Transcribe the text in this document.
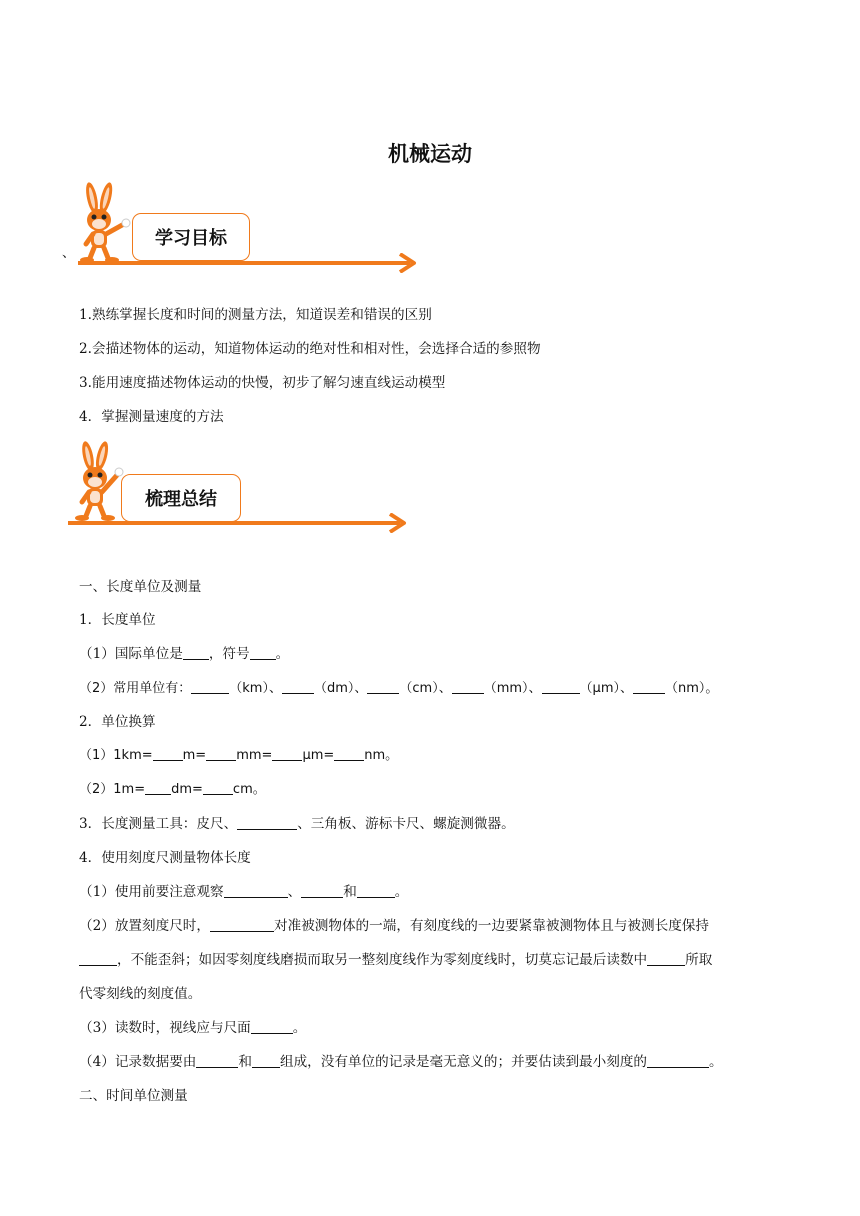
机械运动
、
学习目标
1.熟练掌握长度和时间的测量方法，知道误差和错误的区别
2.会描述物体的运动，知道物体运动的绝对性和相对性，会选择合适的参照物
3.能用速度描述物体运动的快慢，初步了解匀速直线运动模型
4．掌握测量速度的方法
梳理总结
一、长度单位及测量
1．长度单位
（1）国际单位是 ，符号 。
（2）常用单位有：	（km）、 （dm）、 （cm）、 （mm）、	（μm）、 （nm）。
2．单位换算
（1）1km= m= mm= μm= nm。
（2）1m= dm= cm。
3．长度测量工具：皮尺、	、三角板、游标卡尺、螺旋测微器。
4．使用刻度尺测量物体长度
（1）使用前要注意观察	、	和	。
（2）放置刻度尺时，	对准被测物体的一端，有刻度线的一边要紧靠被测物体且与被测长度保持
，不能歪斜；如因零刻度线磨损而取另一整刻度线作为零刻度线时，切莫忘记最后读数中	所取
代零刻线的刻度值。
（3）读数时，视线应与尺面	。
（4）记录数据要由	和 组成，没有单位的记录是毫无意义的；并要估读到最小刻度的	。
二、时间单位测量
